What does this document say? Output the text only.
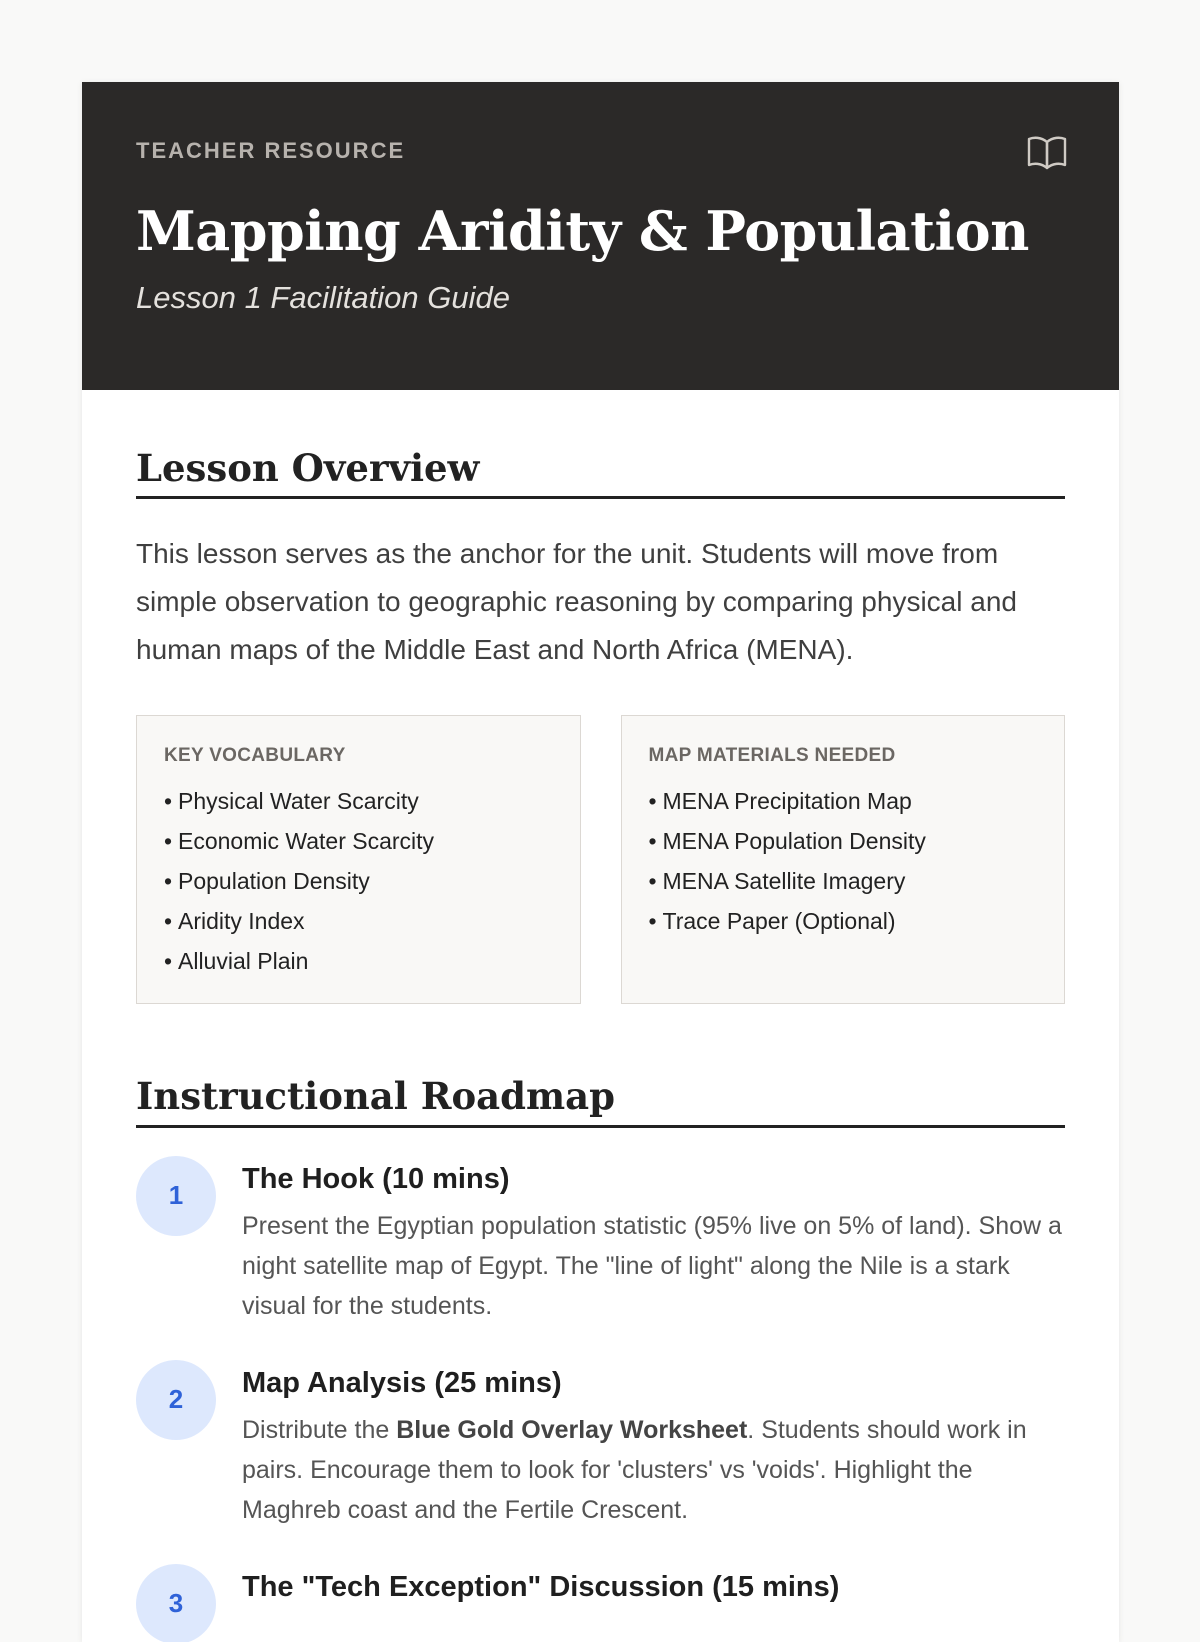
TEACHER RESOURCE
Mapping Aridity & Population
Lesson 1 Facilitation Guide
Lesson Overview
This lesson serves as the anchor for the unit. Students will move from simple observation to geographic reasoning by comparing physical and human maps of the Middle East and North Africa (MENA).
KEY VOCABULARY
• Physical Water Scarcity
• Economic Water Scarcity
• Population Density
• Aridity Index
• Alluvial Plain
MAP MATERIALS NEEDED
• MENA Precipitation Map
• MENA Population Density
• MENA Satellite Imagery
• Trace Paper (Optional)
Instructional Roadmap
1
The Hook (10 mins)
Present the Egyptian population statistic (95% live on 5% of land). Show a night satellite map of Egypt. The "line of light" along the Nile is a stark visual for the students.
2
Map Analysis (25 mins)
Distribute the Blue Gold Overlay Worksheet. Students should work in pairs. Encourage them to look for 'clusters' vs 'voids'. Highlight the Maghreb coast and the Fertile Crescent.
3
The "Tech Exception" Discussion (15 mins)
